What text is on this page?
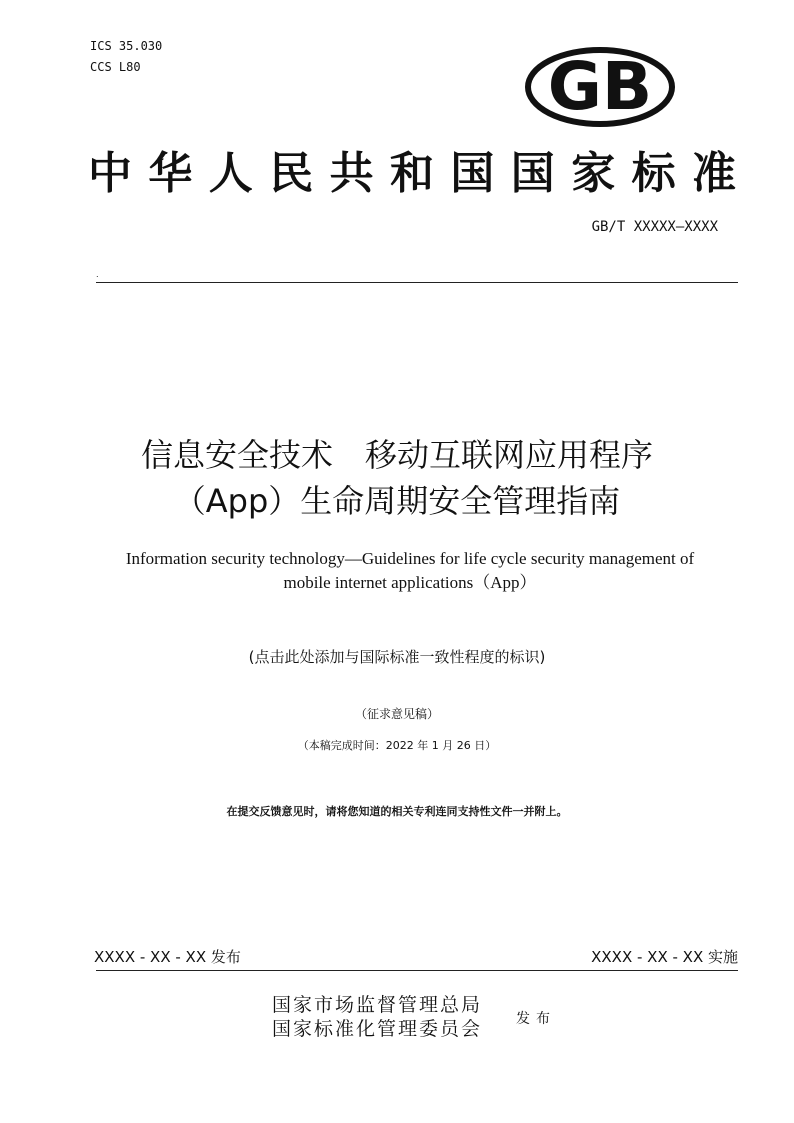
ICS 35.030
CCS L80	GB
中华人民共和国国家标准
GB/T XXXXX—XXXX
.
信息安全技术　移动互联网应用程序
（App）生命周期安全管理指南
Information security technology—Guidelines for life cycle security management of
mobile internet applications（App）
(点击此处添加与国际标准一致性程度的标识)
（征求意见稿）
（本稿完成时间：2022 年 1 月 26 日）
在提交反馈意见时，请将您知道的相关专利连同支持性文件一并附上。
XXXX - XX - XX 发布	XXXX - XX - XX 实施
国家市场监督管理总局
国家标准化管理委员会 发布
